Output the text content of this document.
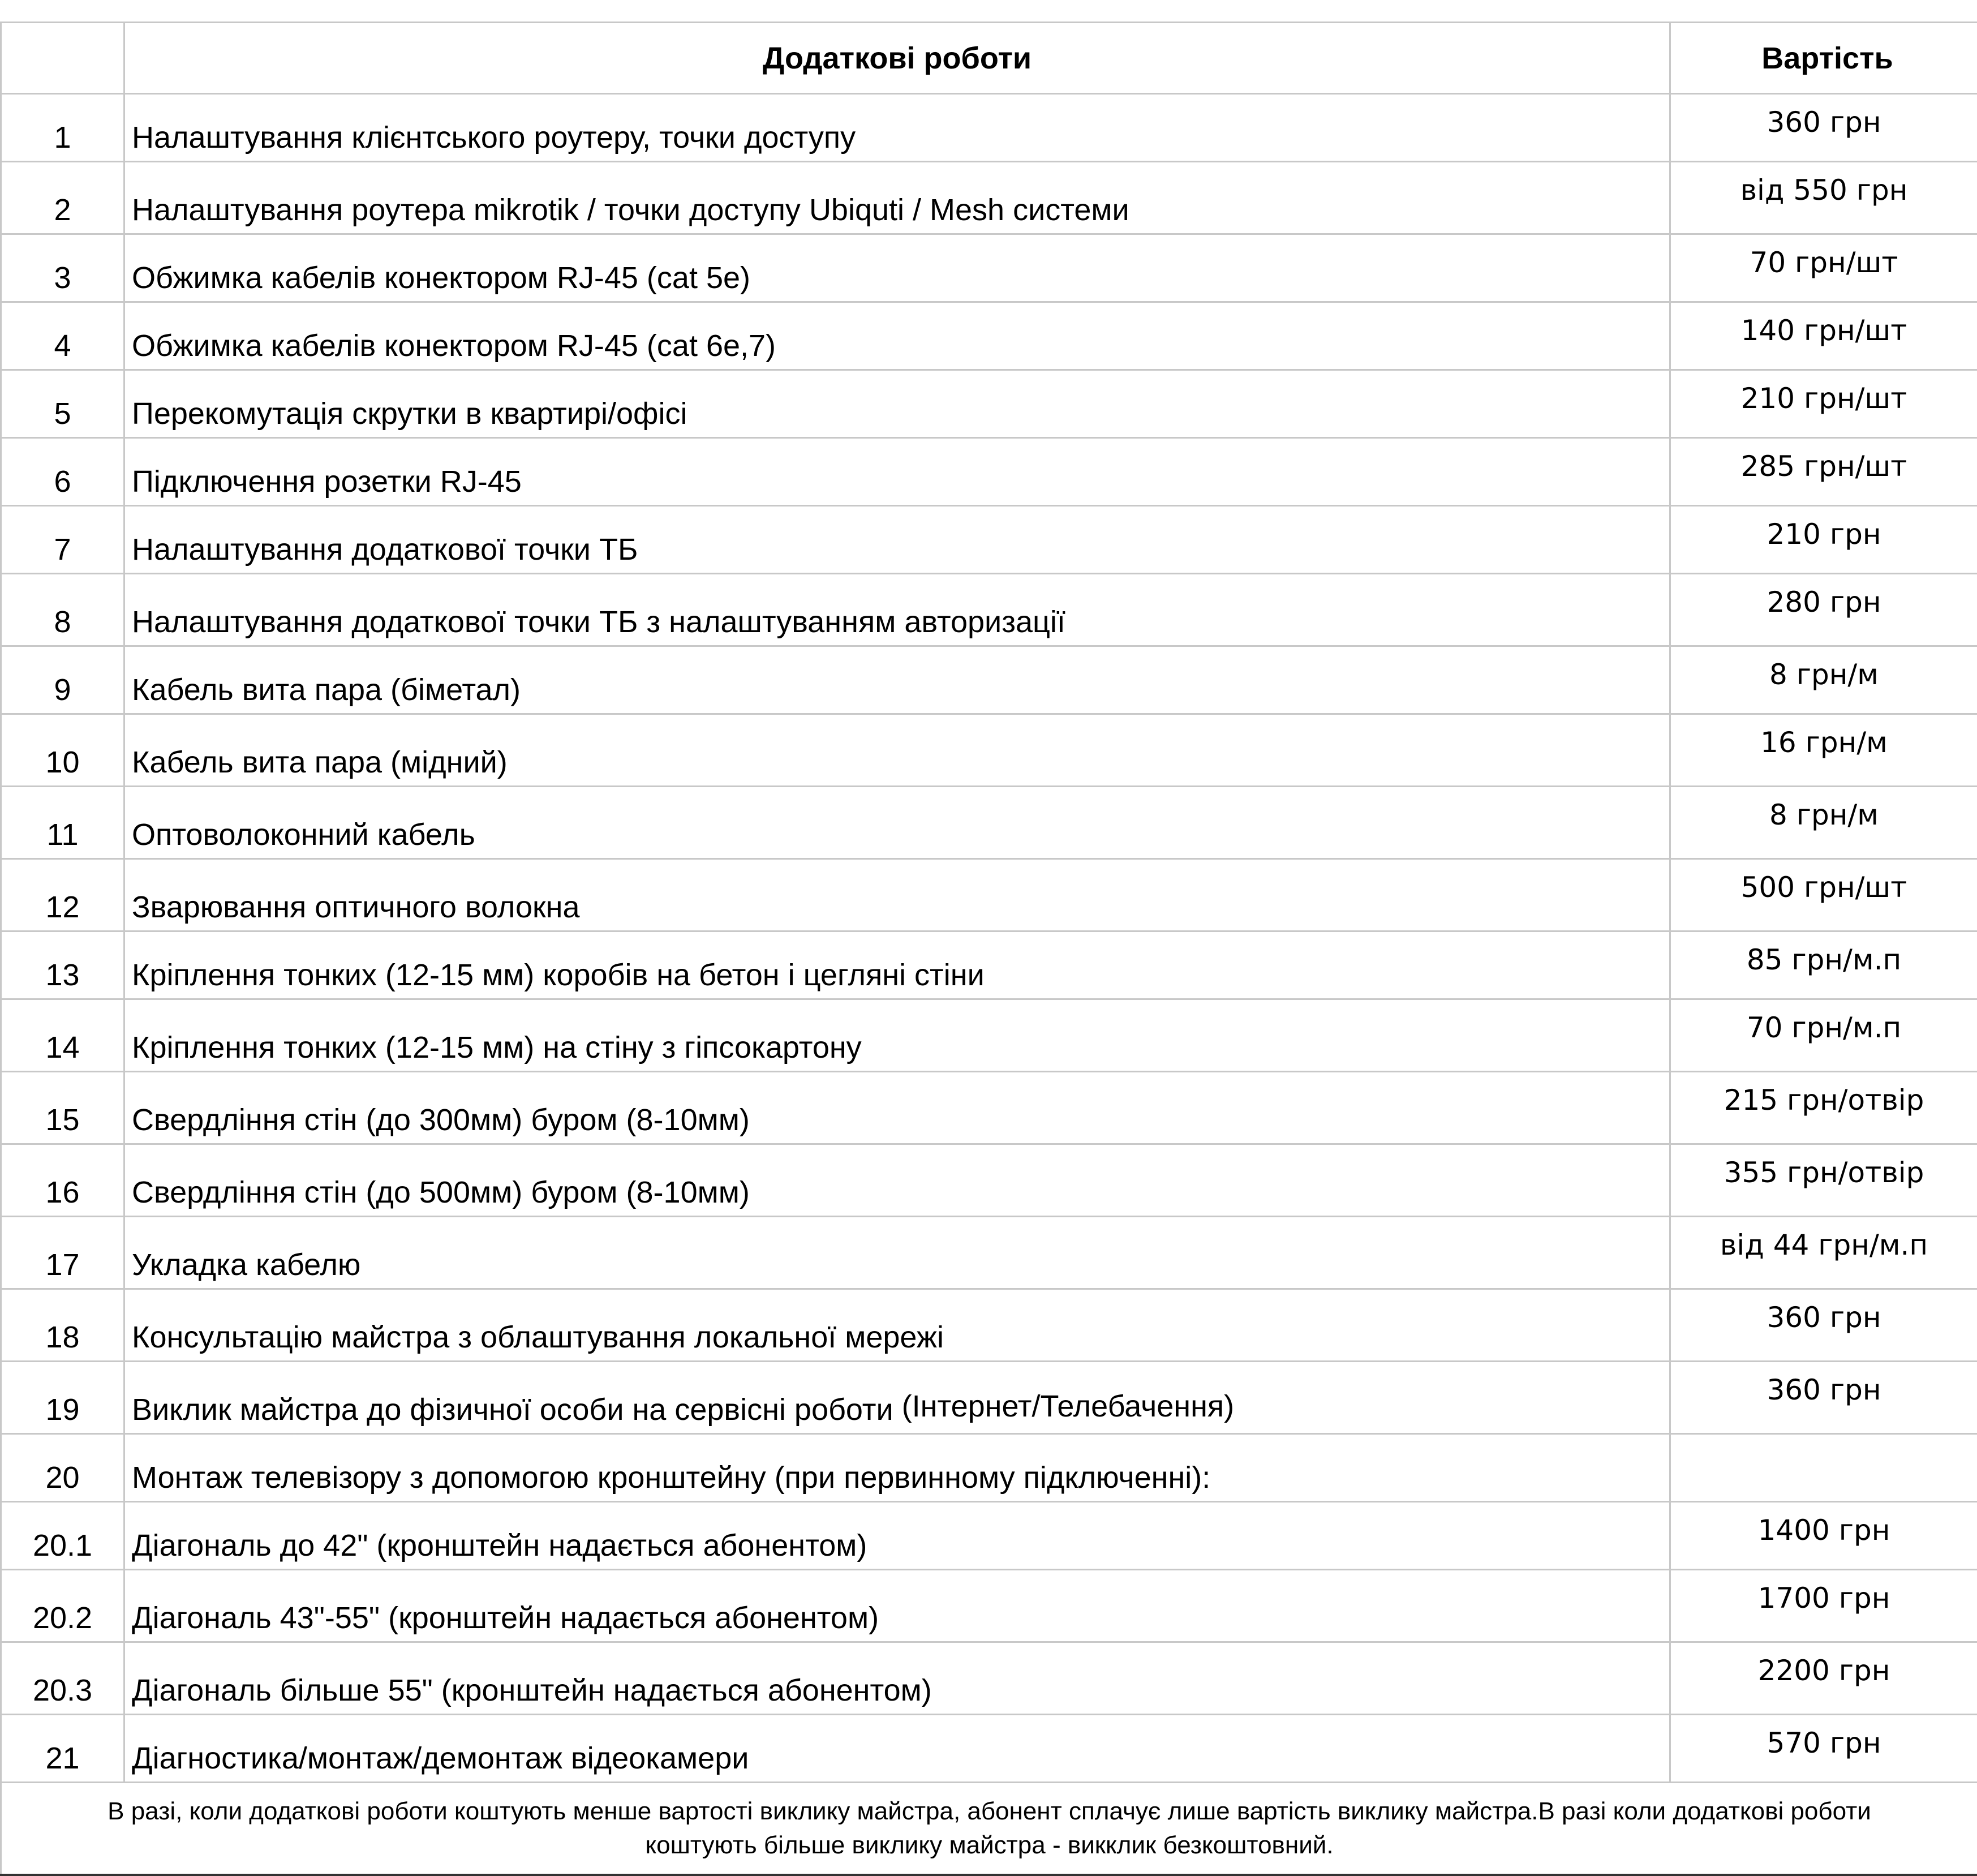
	Додаткові роботи	Вартість
1	Налаштування клієнтського роутеру, точки доступу	360 грн
2	Налаштування роутера mikrotik / точки доступу Ubiquti / Mesh системи	від 550 грн
3	Обжимка кабелів конектором RJ-45 (cat 5e)	70 грн/шт
4	Обжимка кабелів конектором RJ-45 (cat 6e,7)	140 грн/шт
5	Перекомутація скрутки в квартирі/офісі	210 грн/шт
6	Підключення розетки RJ-45	285 грн/шт
7	Налаштування додаткової точки ТБ	210 грн
8	Налаштування додаткової точки ТБ з налаштуванням авторизації	280 грн
9	Кабель вита пара (біметал)	8 грн/м
10	Кабель вита пара (мідний)	16 грн/м
11	Оптоволоконний кабель	8 грн/м
12	Зварювання оптичного волокна	500 грн/шт
13	Кріплення тонких (12-15 мм) коробів на бетон і цегляні стіни	85 грн/м.п
14	Кріплення тонких (12-15 мм) на стіну з гіпсокартону	70 грн/м.п
15	Свердління стін (до 300мм) буром (8-10мм)	215 грн/отвір
16	Свердління стін (до 500мм) буром (8-10мм)	355 грн/отвір
17	Укладка кабелю	від 44 грн/м.п
18	Консультацію майстра з облаштування локальної мережі	360 грн
19	Виклик майстра до фізичної особи на сервісні роботи (Інтернет/Телебачення)	360 грн
20	Монтаж телевізору з допомогою кронштейну (при первинному підключенні):	
20.1	Діагональ до 42" (кронштейн надається абонентом)	1400 грн
20.2	Діагональ 43"-55" (кронштейн надається абонентом)	1700 грн
20.3	Діагональ більше 55" (кронштейн надається абонентом)	2200 грн
21	Діагностика/монтаж/демонтаж відеокамери	570 грн

В разі, коли додаткові роботи коштують менше вартості виклику майстра, абонент сплачує лише вартість виклику майстра.В разі коли додаткові роботи
коштують більше виклику майстра - викклик безкоштовний.		
